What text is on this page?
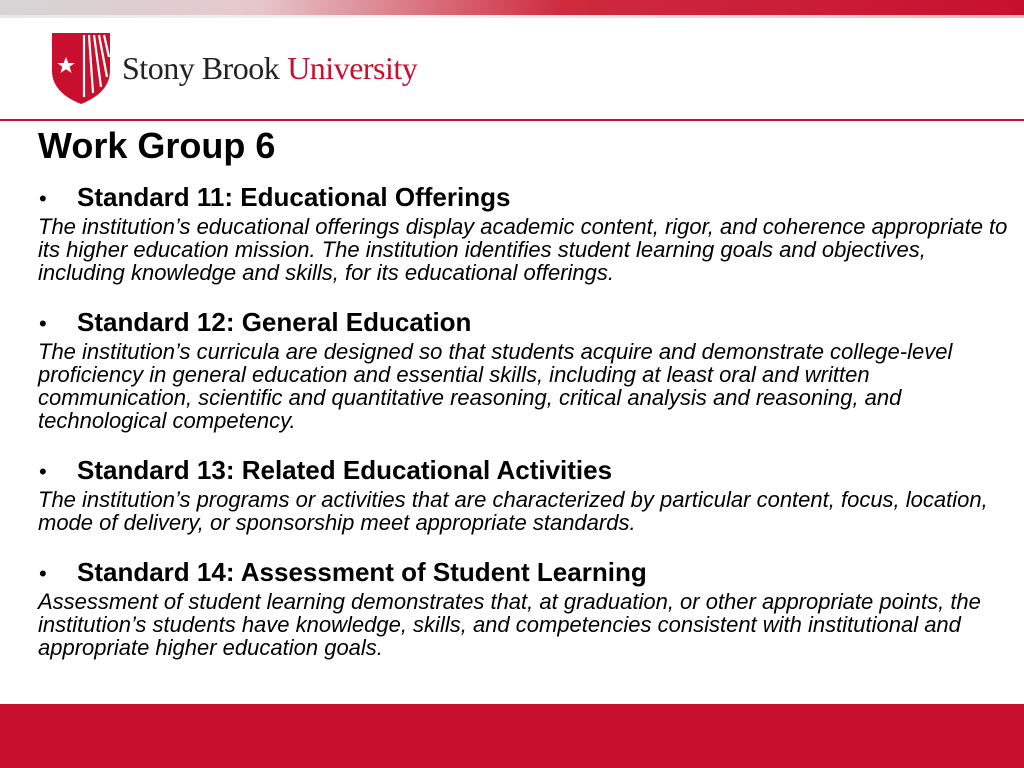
Stony Brook University
Work Group 6
•	Standard 11: Educational Offerings

The institution’s educational offerings display academic content, rigor, and coherence appropriate to its higher education mission. The institution identifies student learning goals and objectives, including knowledge and skills, for its educational offerings.

•	Standard 12: General Education

The institution’s curricula are designed so that students acquire and demonstrate college-level proficiency in general education and essential skills, including at least oral and written communication, scientific and quantitative reasoning, critical analysis and reasoning, and technological competency.

•	Standard 13: Related Educational Activities

The institution’s programs or activities that are characterized by particular content, focus, location, mode of delivery, or sponsorship meet appropriate standards.

•	Standard 14: Assessment of Student Learning

Assessment of student learning demonstrates that, at graduation, or other appropriate points, the institution’s students have knowledge, skills, and competencies consistent with institutional and appropriate higher education goals.
